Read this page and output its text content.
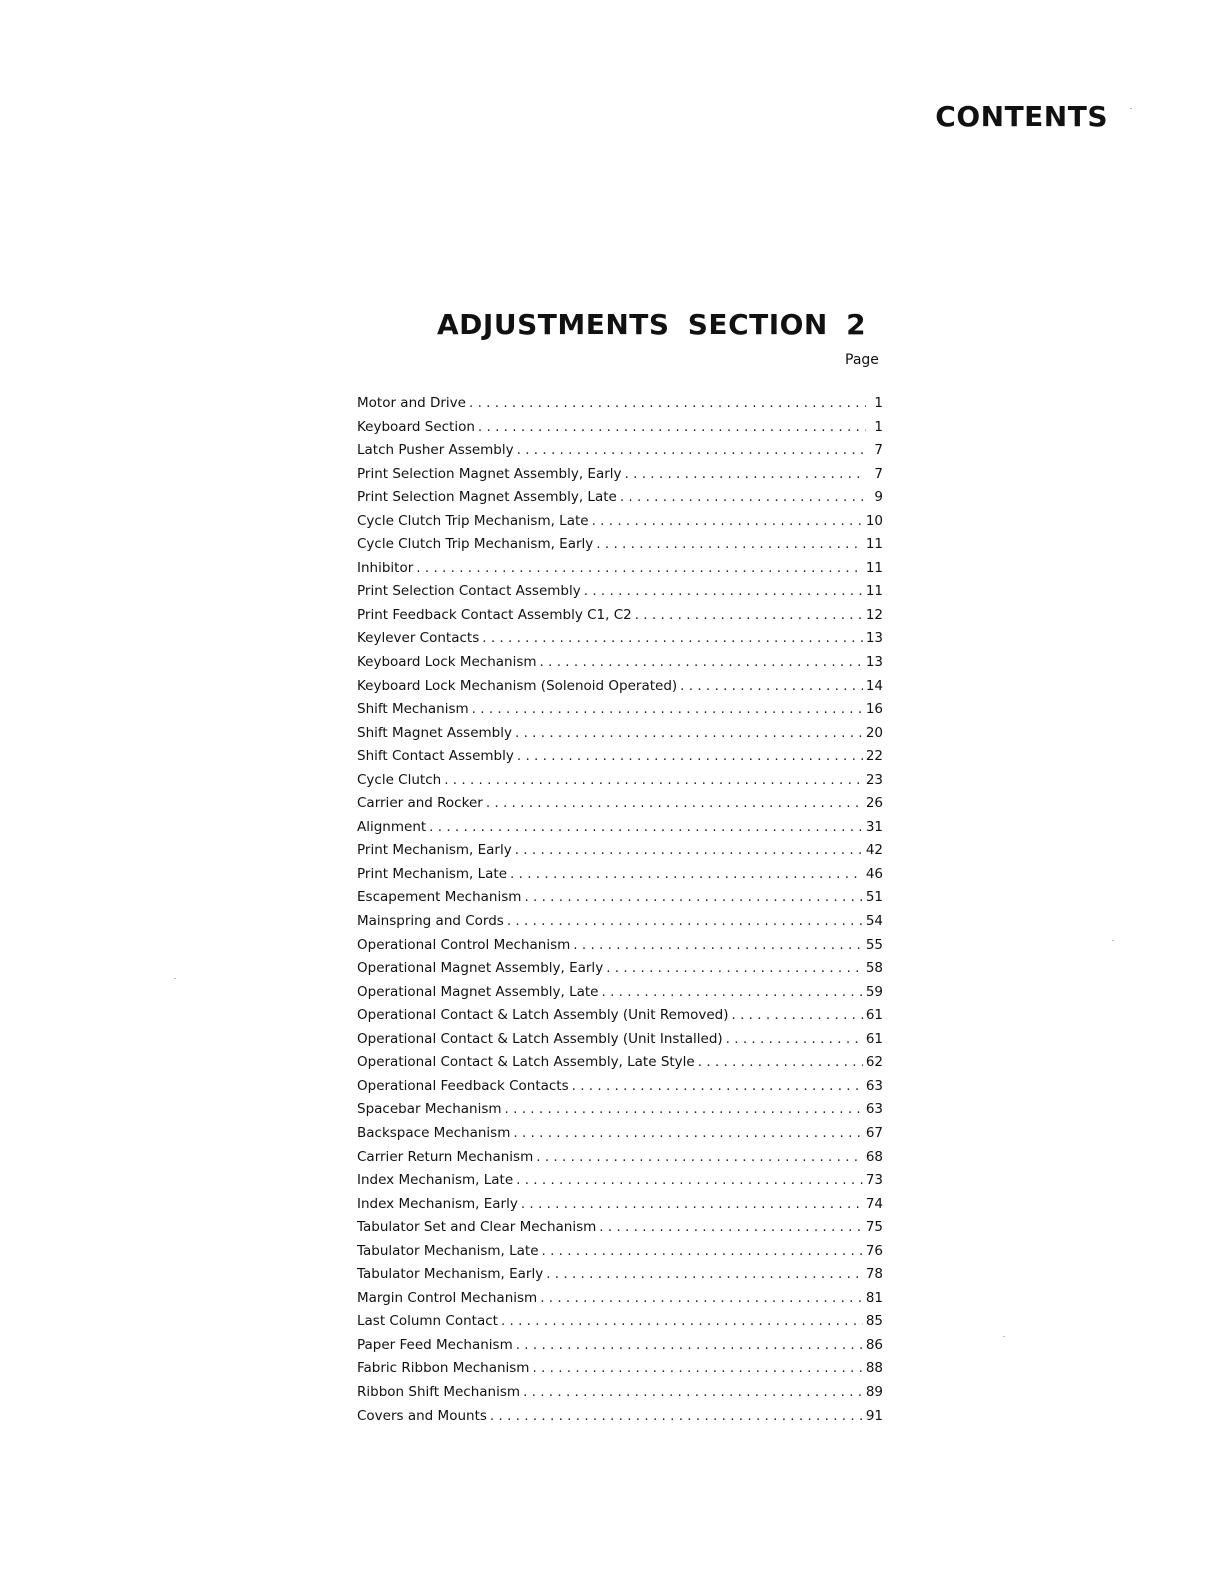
CONTENTS
ADJUSTMENTS SECTION 2
Page
Motor and Drive . . .	1
Keyboard Section . . .	1
Latch Pusher Assembly . . .	7
Print Selection Magnet Assembly, Early . . .	7
Print Selection Magnet Assembly, Late . . .	9
Cycle Clutch Trip Mechanism, Late . . .	10
Cycle Clutch Trip Mechanism, Early . . .	11
Inhibitor . . .	11
Print Selection Contact Assembly . . .	11
Print Feedback Contact Assembly C1, C2 . . .	12
Keylever Contacts . . .	13
Keyboard Lock Mechanism . . .	13
Keyboard Lock Mechanism (Solenoid Operated) . . .	14
Shift Mechanism . . .	16
Shift Magnet Assembly . . .	20
Shift Contact Assembly . . .	22
Cycle Clutch . . .	23
Carrier and Rocker . . .	26
Alignment . . .	31
Print Mechanism, Early . . .	42
Print Mechanism, Late . . .	46
Escapement Mechanism . . .	51
Mainspring and Cords . . .	54
Operational Control Mechanism . . .	55
Operational Magnet Assembly, Early . . .	58
Operational Magnet Assembly, Late . . .	59
Operational Contact & Latch Assembly (Unit Removed) . . .	61
Operational Contact & Latch Assembly (Unit Installed) . . .	61
Operational Contact & Latch Assembly, Late Style . . .	62
Operational Feedback Contacts . . .	63
Spacebar Mechanism . . .	63
Backspace Mechanism . . .	67
Carrier Return Mechanism . . .	68
Index Mechanism, Late . . .	73
Index Mechanism, Early . . .	74
Tabulator Set and Clear Mechanism . . .	75
Tabulator Mechanism, Late . . .	76
Tabulator Mechanism, Early . . .	78
Margin Control Mechanism . . .	81
Last Column Contact . . .	85
Paper Feed Mechanism . . .	86
Fabric Ribbon Mechanism . . .	88
Ribbon Shift Mechanism . . .	89
Covers and Mounts . . .	91
